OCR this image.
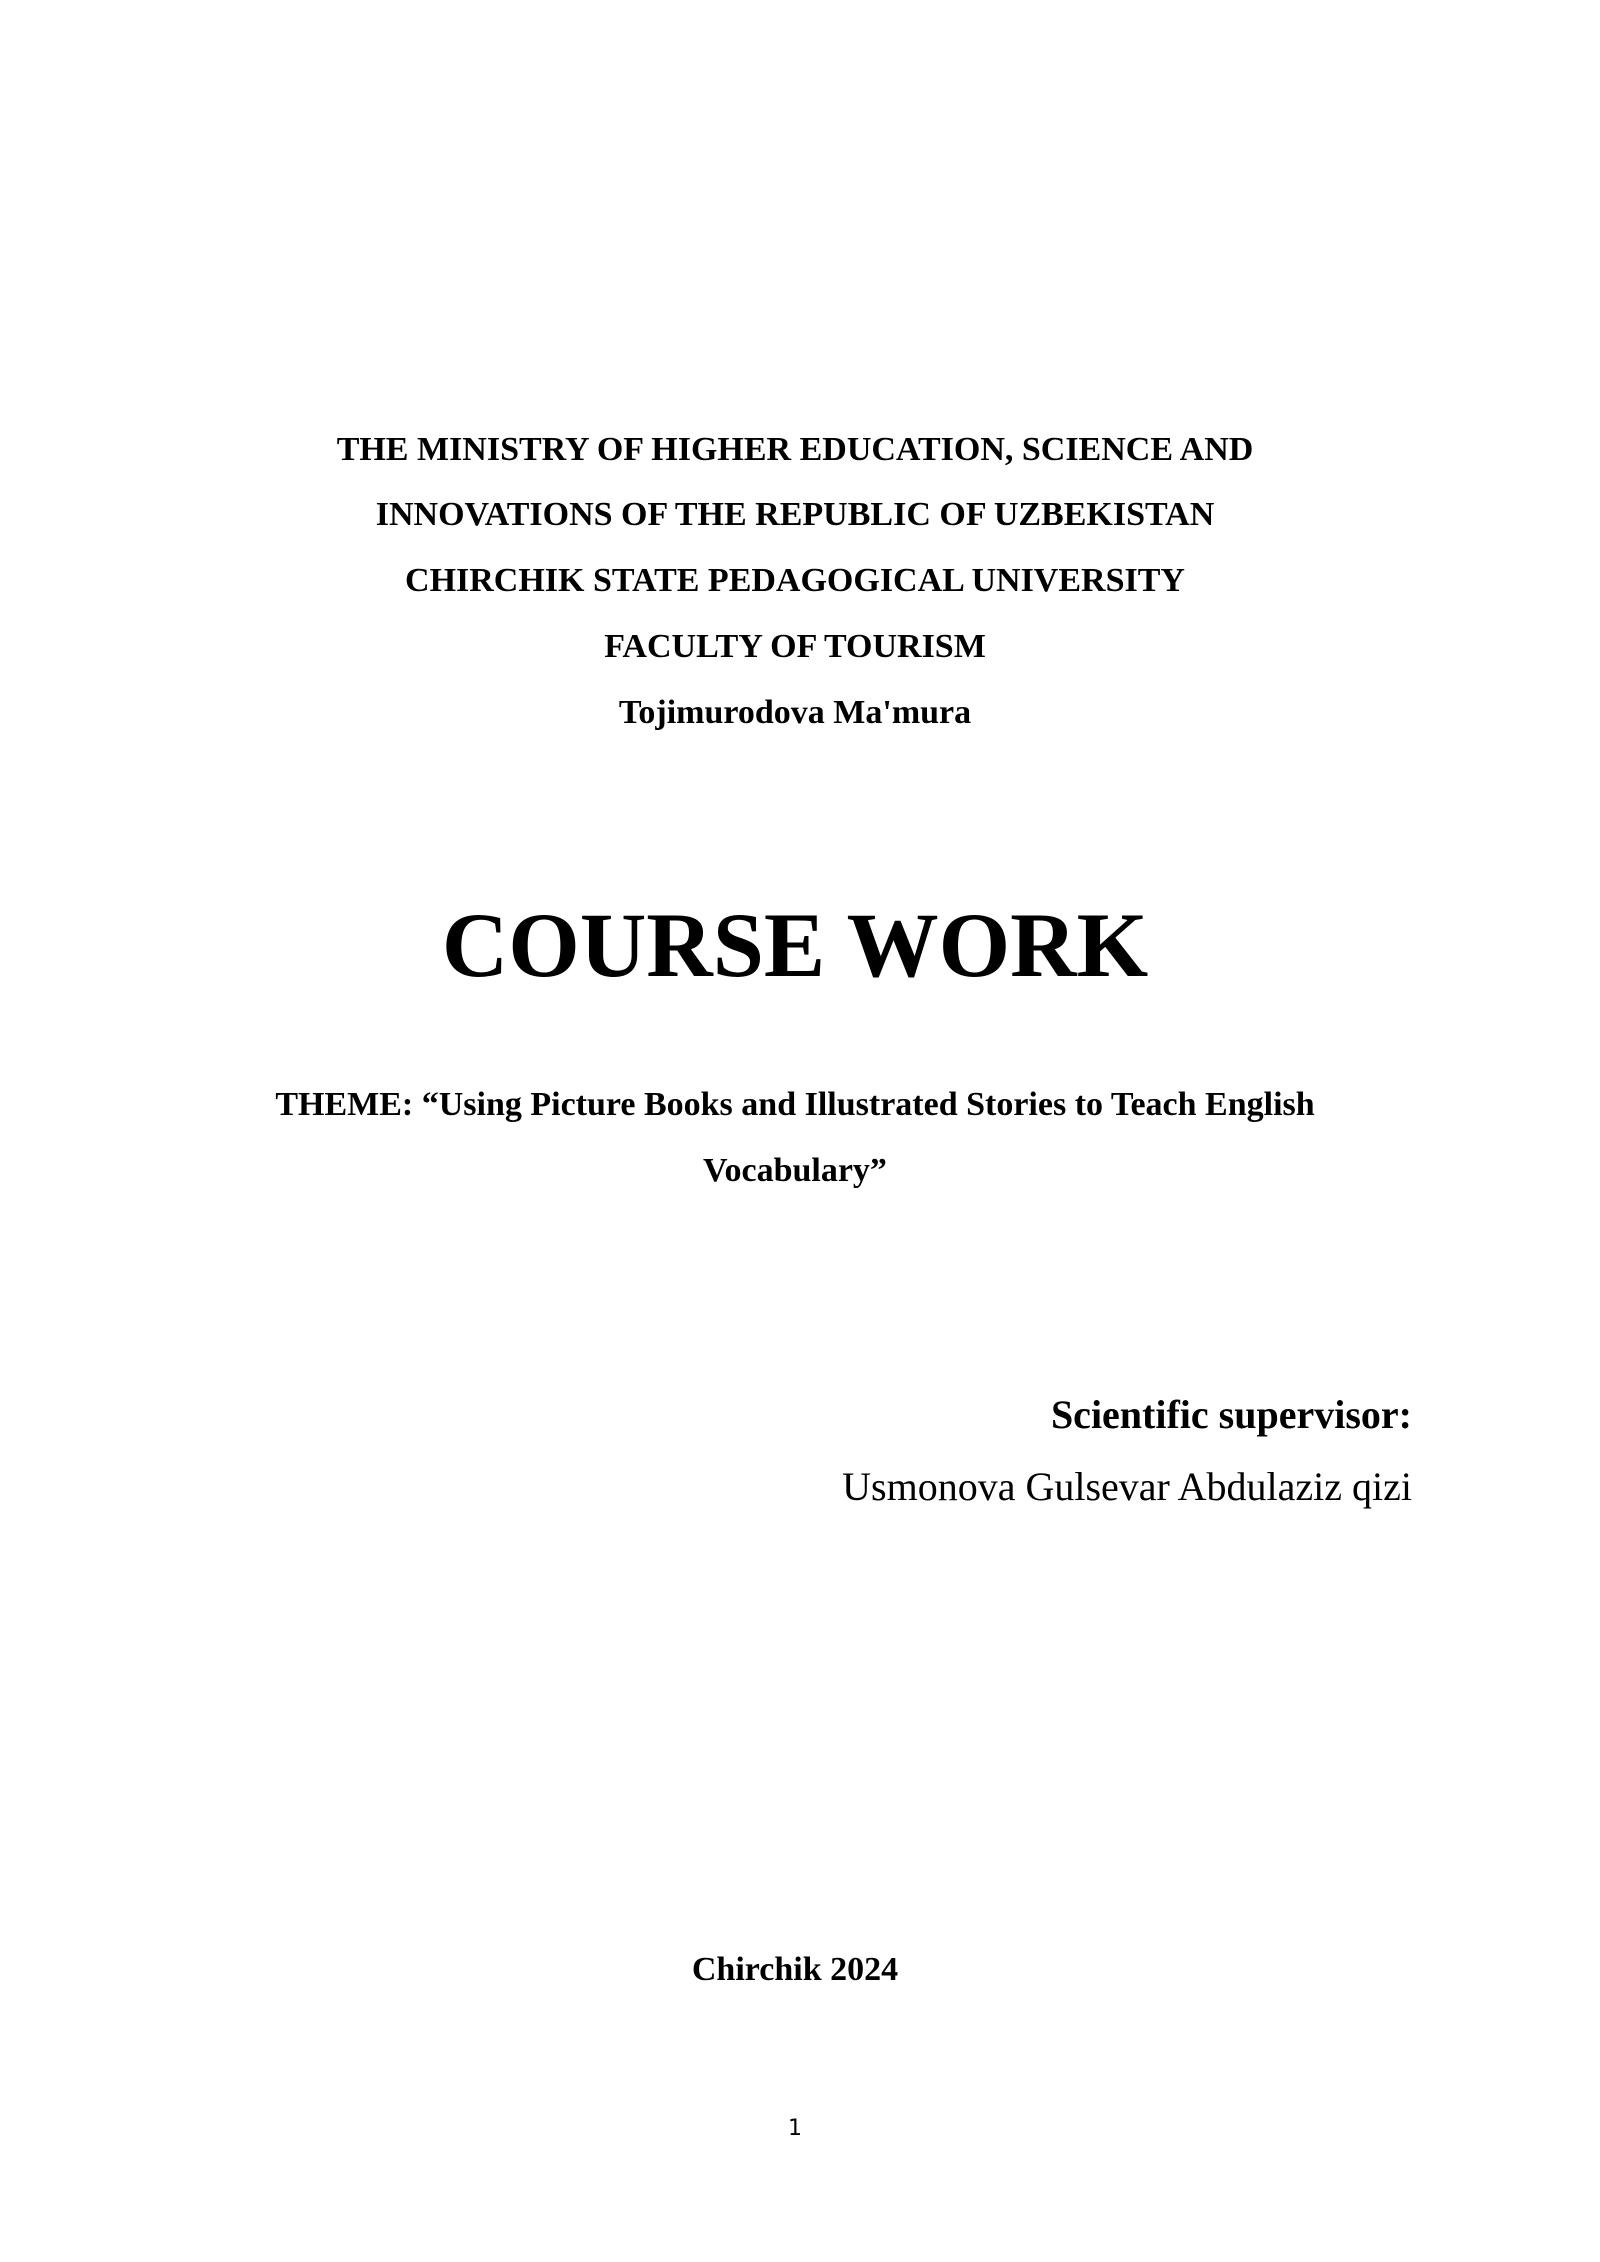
THE MINISTRY OF HIGHER EDUCATION, SCIENCE AND
INNOVATIONS OF THE REPUBLIC OF UZBEKISTAN
CHIRCHIK STATE PEDAGOGICAL UNIVERSITY
FACULTY OF TOURISM
Tojimurodova Ma'mura
COURSE WORK
THEME: “Using Picture Books and Illustrated Stories to Teach English
Vocabulary”
Scientific supervisor:
Usmonova Gulsevar Abdulaziz qizi
Chirchik 2024
1
